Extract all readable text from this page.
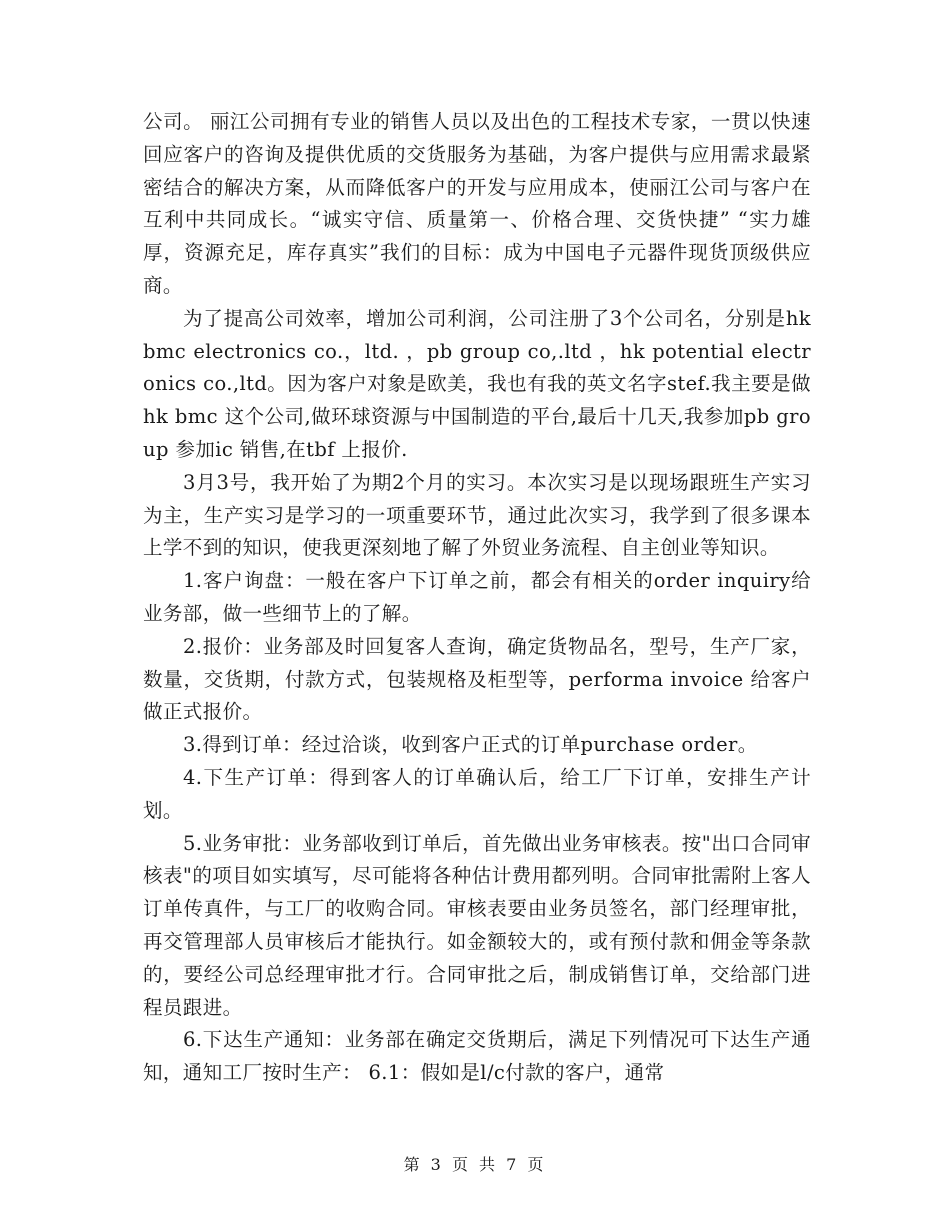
公司。 丽江公司拥有专业的销售人员以及出色的工程技术专家，一贯以快速回应客户的咨询及提供优质的交货服务为基础，为客户提供与应用需求最紧密结合的解决方案，从而降低客户的开发与应用成本，使丽江公司与客户在互利中共同成长。“诚实守信、质量第一、价格合理、交货快捷” “实力雄厚，资源充足，库存真实”我们的目标：成为中国电子元器件现货顶级供应商。

为了提高公司效率，增加公司利润，公司注册了3个公司名，分别是hk bmc electronics co.，ltd. ，pb group co,.ltd ，hk potential electronics co.,ltd。因为客户对象是欧美，我也有我的英文名字stef.我主要是做hk bmc 这个公司,做环球资源与中国制造的平台,最后十几天,我参加pb group 参加ic 销售,在tbf 上报价.

3月3号，我开始了为期2个月的实习。本次实习是以现场跟班生产实习为主，生产实习是学习的一项重要环节，通过此次实习，我学到了很多课本上学不到的知识，使我更深刻地了解了外贸业务流程、自主创业等知识。

1.客户询盘：一般在客户下订单之前，都会有相关的order inquiry给业务部，做一些细节上的了解。

2.报价：业务部及时回复客人查询，确定货物品名，型号，生产厂家，数量，交货期，付款方式，包装规格及柜型等，performa invoice 给客户做正式报价。

3.得到订单：经过洽谈，收到客户正式的订单purchase order。

4.下生产订单：得到客人的订单确认后，给工厂下订单，安排生产计划。

5.业务审批：业务部收到订单后，首先做出业务审核表。按"出口合同审核表"的项目如实填写，尽可能将各种估计费用都列明。合同审批需附上客人订单传真件，与工厂的收购合同。审核表要由业务员签名，部门经理审批，再交管理部人员审核后才能执行。如金额较大的，或有预付款和佣金等条款的，要经公司总经理审批才行。合同审批之后，制成销售订单，交给部门进程员跟进。

6.下达生产通知：业务部在确定交货期后，满足下列情况可下达生产通知，通知工厂按时生产： 6.1：假如是l/c付款的客户，通常

第 3 页 共 7 页
